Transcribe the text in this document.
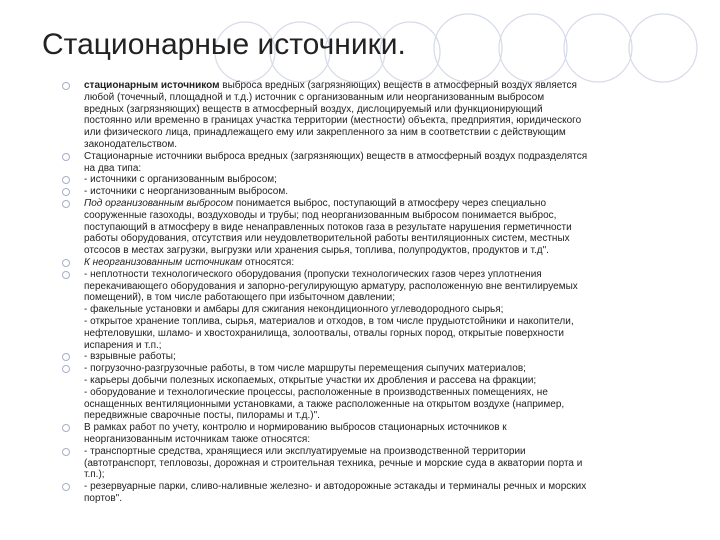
Стационарные источники.
стационарным источником выброса вредных (загрязняющих) веществ в атмосферный воздух является
любой (точечный, площадной и т.д.) источник с организованным или неорганизованным выбросом
вредных (загрязняющих) веществ в атмосферный воздух, дислоцируемый или функционирующий
постоянно или временно в границах участка территории (местности) объекта, предприятия, юридического
или физического лица, принадлежащего ему или закрепленного за ним в соответствии с действующим
законодательством.
Стационарные источники выброса вредных (загрязняющих) веществ в атмосферный воздух подразделятся
на два типа:
- источники с организованным выбросом;
- источники с неорганизованным выбросом.
Под организованным выбросом понимается выброс, поступающий в атмосферу через специально
сооруженные газоходы, воздуховоды и трубы; под неорганизованным выбросом понимается выброс,
поступающий в атмосферу в виде ненаправленных потоков газа в результате нарушения герметичности
работы оборудования, отсутствия или неудовлетворительной работы вентиляционных систем, местных
отсосов в местах загрузки, выгрузки или хранения сырья, топлива, полупродуктов, продуктов и т.д".
К неорганизованным источникам относятся:
- неплотности технологического оборудования (пропуски технологических газов через уплотнения
перекачивающего оборудования и запорно-регулирующую арматуру, расположенную вне вентилируемых
помещений), в том числе работающего при избыточном давлении;
- факельные установки и амбары для сжигания некондиционного углеводородного сырья;
- открытое хранение топлива, сырья, материалов и отходов, в том числе прудыотстойники и накопители,
нефтеловушки, шламо- и хвостохранилища, золоотвалы, отвалы горных пород, открытые поверхности
испарения и т.п.;
- взрывные работы;
- погрузочно-разгрузочные работы, в том числе маршруты перемещения сыпучих материалов;
- карьеры добычи полезных ископаемых, открытые участки их дробления и рассева на фракции;
- оборудование и технологические процессы, расположенные в производственных помещениях, не
оснащенных вентиляционными установками, а также расположенные на открытом воздухе (например,
передвижные сварочные посты, пилорамы и т.д.)".
В рамках работ по учету, контролю и нормированию выбросов стационарных источников к
неорганизованным источникам также относятся:
- транспортные средства, хранящиеся или эксплуатируемые на производственной территории
(автотранспорт, тепловозы, дорожная и строительная техника, речные и морские суда в акватории порта и
т.п.);
- резервуарные парки, сливо-наливные железно- и автодорожные эстакады и терминалы речных и морских
портов".
